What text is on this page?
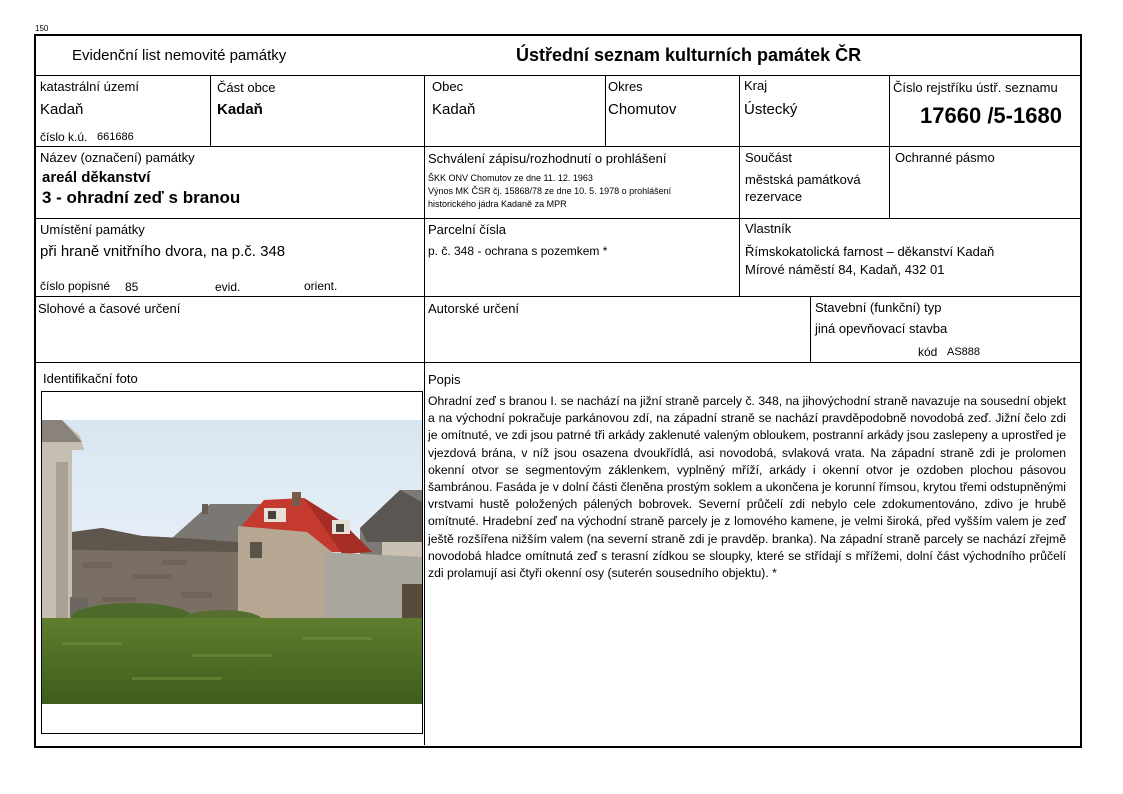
150
Evidenční list nemovité památky	Ústřední seznam kulturních památek ČR
katastrální území
Kadaň
číslo k.ú. 661686
Část obce
Kadaň
Obec
Kadaň
Okres
Chomutov
Kraj
Ústecký
Číslo rejstříku ústř. seznamu
17660 /5-1680
Název (označení) památky
areál děkanství
3 - ohradní zeď s branou
Schválení zápisu/rozhodnutí o prohlášení
ŠKK ONV Chomutov ze dne 11. 12. 1963
Výnos MK ČSR čj. 15868/78 ze dne 10. 5. 1978 o prohlášení
historického jádra Kadaně za MPR
Součást
městská památková
rezervace
Ochranné pásmo
Umístění památky
při hraně vnitřního dvora, na p.č. 348
číslo popisné 85	evid.	orient.
Parcelní čísla
p. č. 348 - ochrana s pozemkem *
Vlastník
Římskokatolická farnost – děkanství Kadaň
Mírové náměstí 84, Kadaň, 432 01
Slohové a časové určení	Autorské určení	Stavební (funkční) typ
jiná opevňovací stavba
kód AS888
Identifikační foto	Popis
Ohradní zeď s branou I. se nachází na jižní straně parcely č. 348, na jihovýchodní straně navazuje na sousední objekt a na východní pokračuje parkánovou zdí, na západní straně se nachází pravděpodobně novodobá zeď. Jižní čelo zdi je omítnuté, ve zdi jsou patrné tři arkády zaklenuté valeným obloukem, postranní arkády jsou zaslepeny a uprostřed je vjezdová brána, v níž jsou osazena dvoukřídlá, asi novodobá, svlaková vrata. Na západní straně zdi je prolomen okenní otvor se segmentovým záklenkem, vyplněný mříží, arkády i okenní otvor je ozdoben plochou pásovou šambránou. Fasáda je v dolní části členěna prostým soklem a ukončena je korunní římsou, krytou třemi odstupněnými vrstvami hustě položených pálených bobrovek. Severní průčelí zdi nebylo cele zdokumentováno, zdivo je hrubě omítnuté. Hradební zeď na východní straně parcely je z lomového kamene, je velmi široká, před vyšším valem je zeď ještě rozšířena nižším valem (na severní straně zdi je pravděp. branka). Na západní straně parcely se nachází zřejmě novodobá hladce omítnutá zeď s terasní zídkou se sloupky, které se střídají s mřížemi, dolní část východního průčelí zdi prolamují asi čtyři okenní osy (suterén sousedního objektu). *
